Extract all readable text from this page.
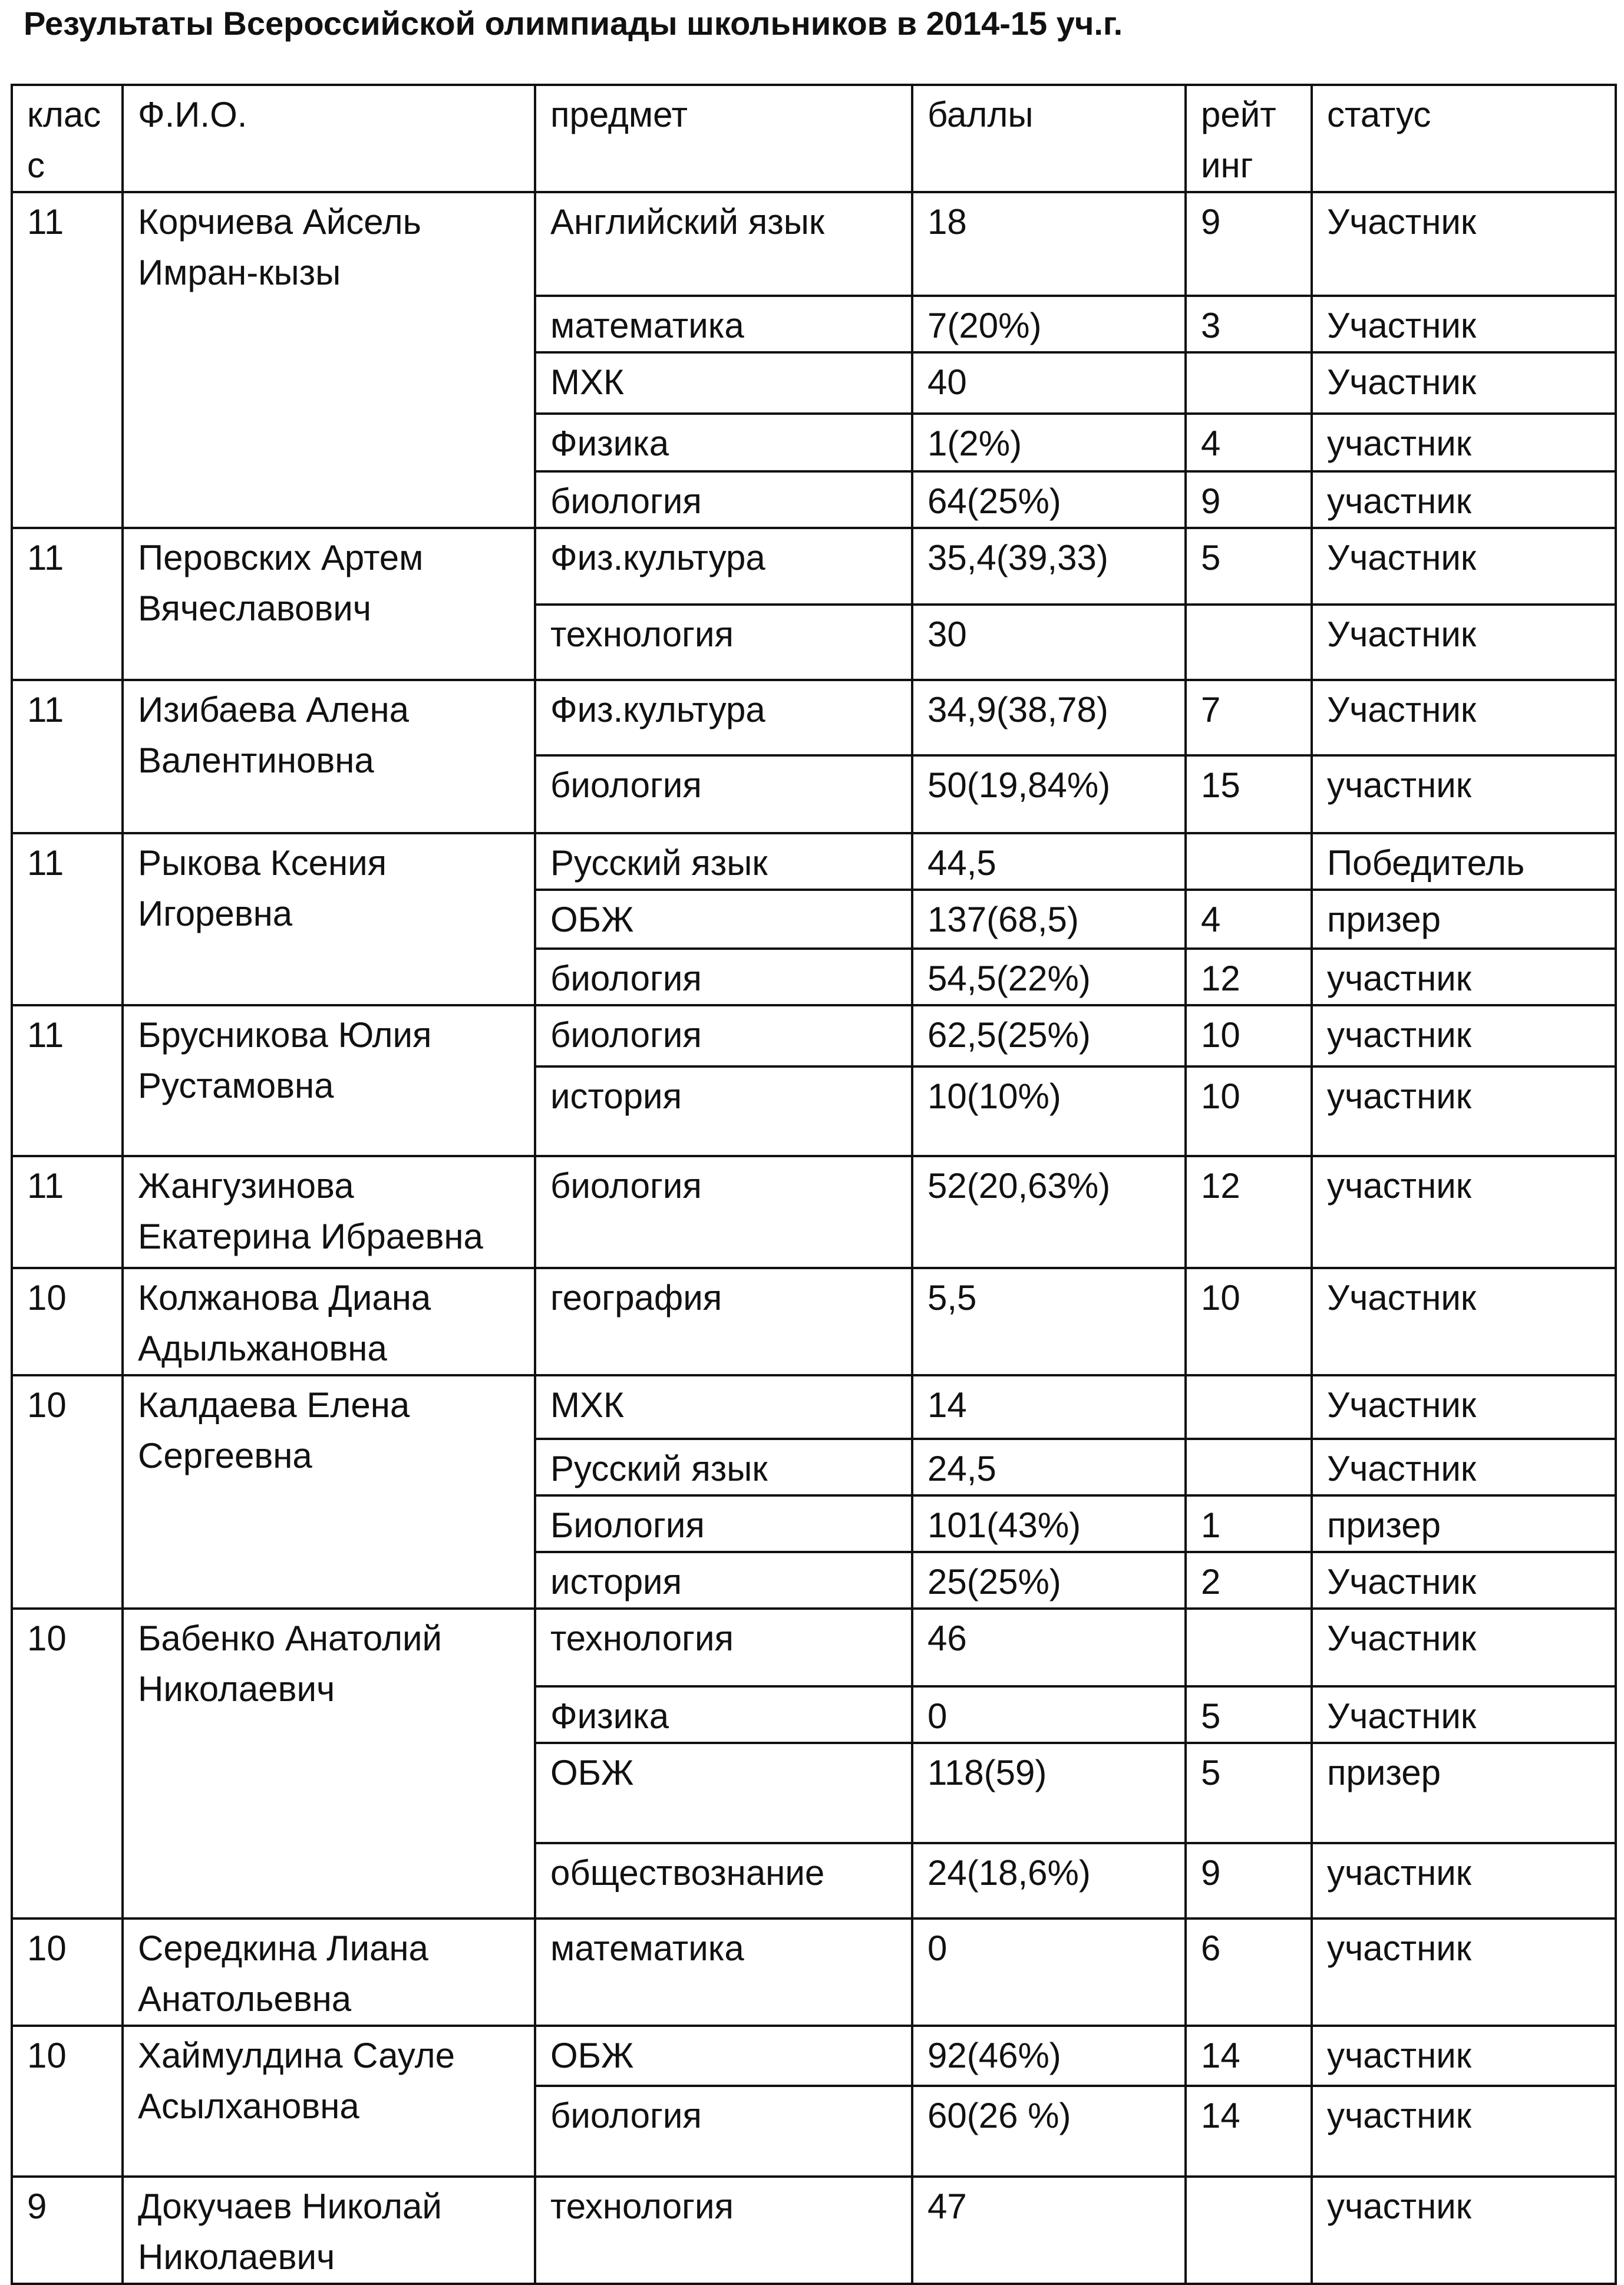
Результаты Всероссийской олимпиады школьников в 2014-15 уч.г.
класс	Ф.И.О.	предмет	баллы	рейт инг	статус
11	Корчиева Айсель Имран-кызы	Английский язык	18	9	Участник
		математика	7(20%)	3	Участник
		МХК	40		Участник
		Физика	1(2%)	4	участник
		биология	64(25%)	9	участник
11	Перовских Артем Вячеславович	Физ.культура	35,4(39,33)	5	Участник
		технология	30		Участник
11	Изибаева Алена Валентиновна	Физ.культура	34,9(38,78)	7	Участник
		биология	50(19,84%)	15	участник
11	Рыкова Ксения Игоревна	Русский язык	44,5		Победитель
		ОБЖ	137(68,5)	4	призер
		биология	54,5(22%)	12	участник
11	Брусникова Юлия Рустамовна	биология	62,5(25%)	10	участник
		история	10(10%)	10	участник
11	Жангузинова Екатерина Ибраевна	биология	52(20,63%)	12	участник
10	Колжанова Диана Адыльжановна	география	5,5	10	Участник
10	Калдаева Елена Сергеевна	МХК	14		Участник
		Русский язык	24,5		Участник
		Биология	101(43%)	1	призер
		история	25(25%)	2	Участник
10	Бабенко Анатолий Николаевич	технология	46		Участник
		Физика	0	5	Участник
		ОБЖ	118(59)	5	призер
		обществознание	24(18,6%)	9	участник
10	Середкина Лиана Анатольевна	математика	0	6	участник
10	Хаймулдина Сауле Асылхановна	ОБЖ	92(46%)	14	участник
		биология	60(26 %)	14	участник
9	Докучаев Николай Николаевич	технология	47		участник
